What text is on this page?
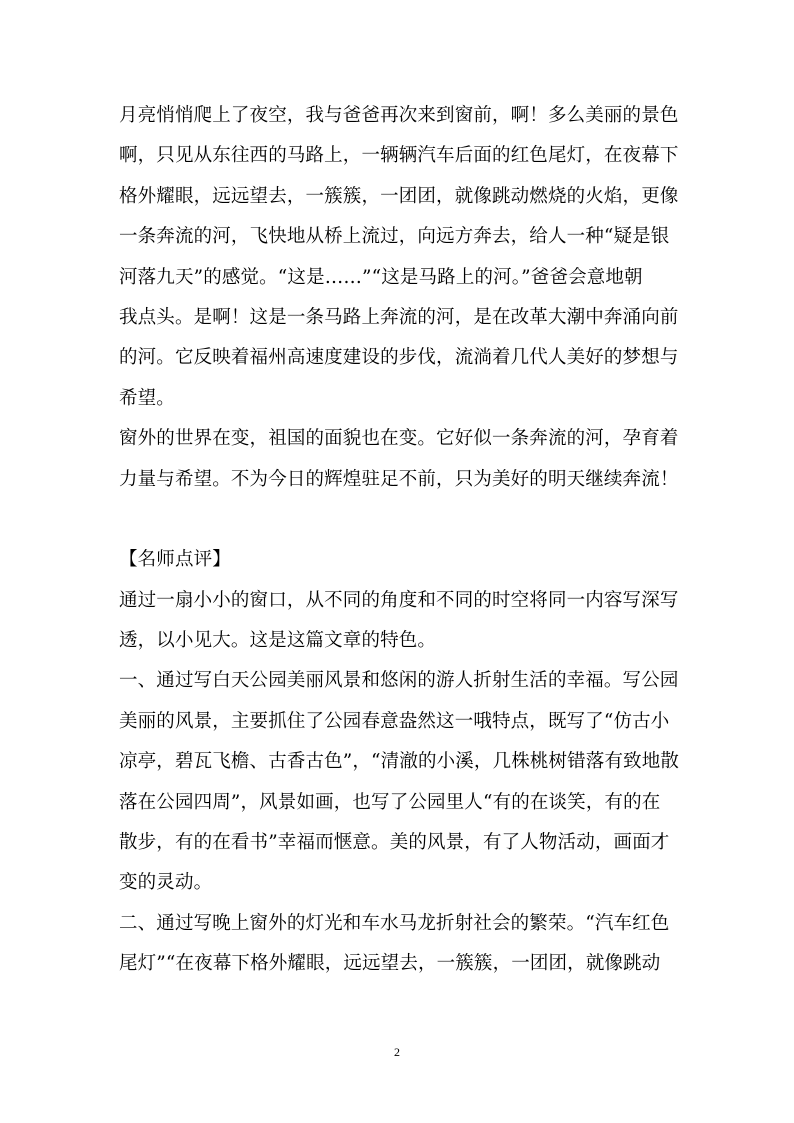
月亮悄悄爬上了夜空，我与爸爸再次来到窗前，啊！多么美丽的景色
啊，只见从东往西的马路上，一辆辆汽车后面的红色尾灯，在夜幕下
格外耀眼，远远望去，一簇簇，一团团，就像跳动燃烧的火焰，更像
一条奔流的河，飞快地从桥上流过，向远方奔去，给人一种“疑是银
河落九天”的感觉。“这是……”“这是马路上的河。”爸爸会意地朝
我点头。是啊！这是一条马路上奔流的河，是在改革大潮中奔涌向前
的河。它反映着福州高速度建设的步伐，流淌着几代人美好的梦想与
希望。
窗外的世界在变，祖国的面貌也在变。它好似一条奔流的河，孕育着
力量与希望。不为今日的辉煌驻足不前，只为美好的明天继续奔流！
【名师点评】
通过一扇小小的窗口，从不同的角度和不同的时空将同一内容写深写
透，以小见大。这是这篇文章的特色。
一、通过写白天公园美丽风景和悠闲的游人折射生活的幸福。写公园
美丽的风景，主要抓住了公园春意盎然这一哦特点，既写了“仿古小
凉亭，碧瓦飞檐、古香古色”，“清澈的小溪，几株桃树错落有致地散
落在公园四周”，风景如画，也写了公园里人“有的在谈笑，有的在
散步，有的在看书”幸福而惬意。美的风景，有了人物活动，画面才
变的灵动。
二、通过写晚上窗外的灯光和车水马龙折射社会的繁荣。“汽车红色
尾灯”“在夜幕下格外耀眼，远远望去，一簇簇，一团团，就像跳动
2
